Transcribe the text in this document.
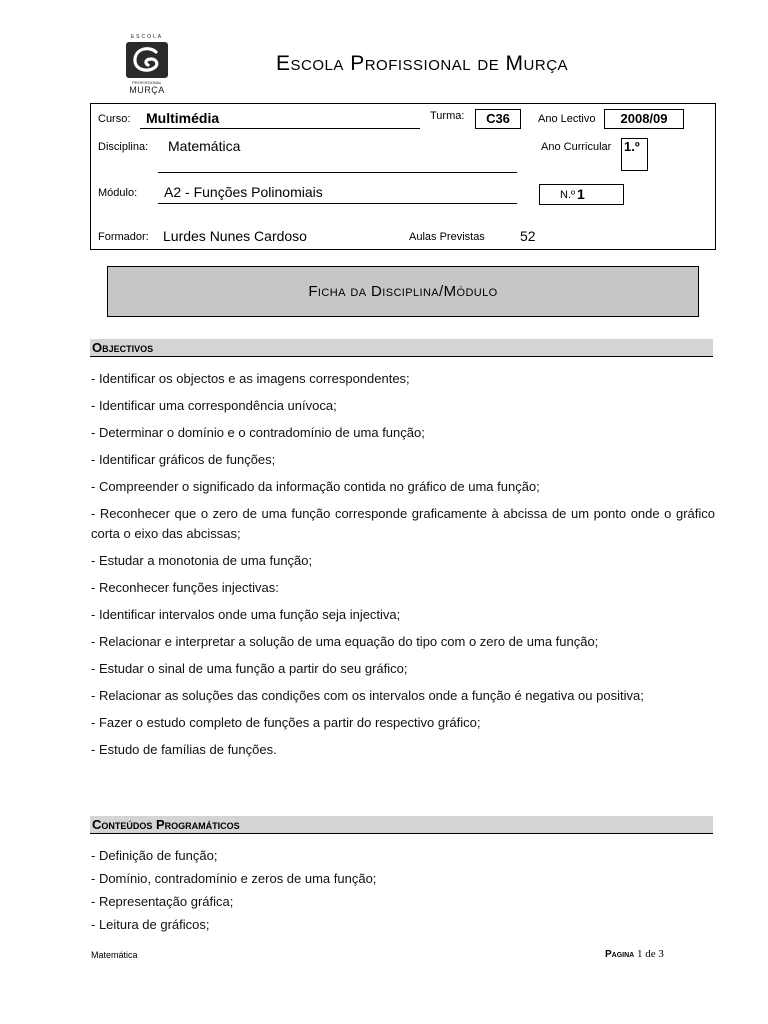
ESCOLA
PROFISSIONAL
MURÇA
Escola Profissional de Murça
Curso: Multimédia	Turma:	C36	Ano Lectivo	2008/09
Disciplina: Matemática	Ano Curricular 1.º
Módulo: A2 - Funções Polinomiais	N.º 1
Formador: Lurdes Nunes Cardoso	Aulas Previstas	52
Ficha da Disciplina/Módulo
Objectivos
- Identificar os objectos e as imagens correspondentes;
- Identificar uma correspondência unívoca;
- Determinar o domínio e o contradomínio de uma função;
- Identificar gráficos de funções;
- Compreender o significado da informação contida no gráfico de uma função;
- Reconhecer que o zero de uma função corresponde graficamente à abcissa de um ponto onde o gráfico corta o eixo das abcissas;
- Estudar a monotonia de uma função;
- Reconhecer funções injectivas:
- Identificar intervalos onde uma função seja injectiva;
- Relacionar e interpretar a solução de uma equação do tipo com o zero de uma função;
- Estudar o sinal de uma função a partir do seu gráfico;
- Relacionar as soluções das condições com os intervalos onde a função é negativa ou positiva;
- Fazer o estudo completo de funções a partir do respectivo gráfico;
- Estudo de famílias de funções.
Conteúdos Programáticos
- Definição de função;
- Domínio, contradomínio e zeros de uma função;
- Representação gráfica;
- Leitura de gráficos;
Matemática	Pagina 1 de 3
